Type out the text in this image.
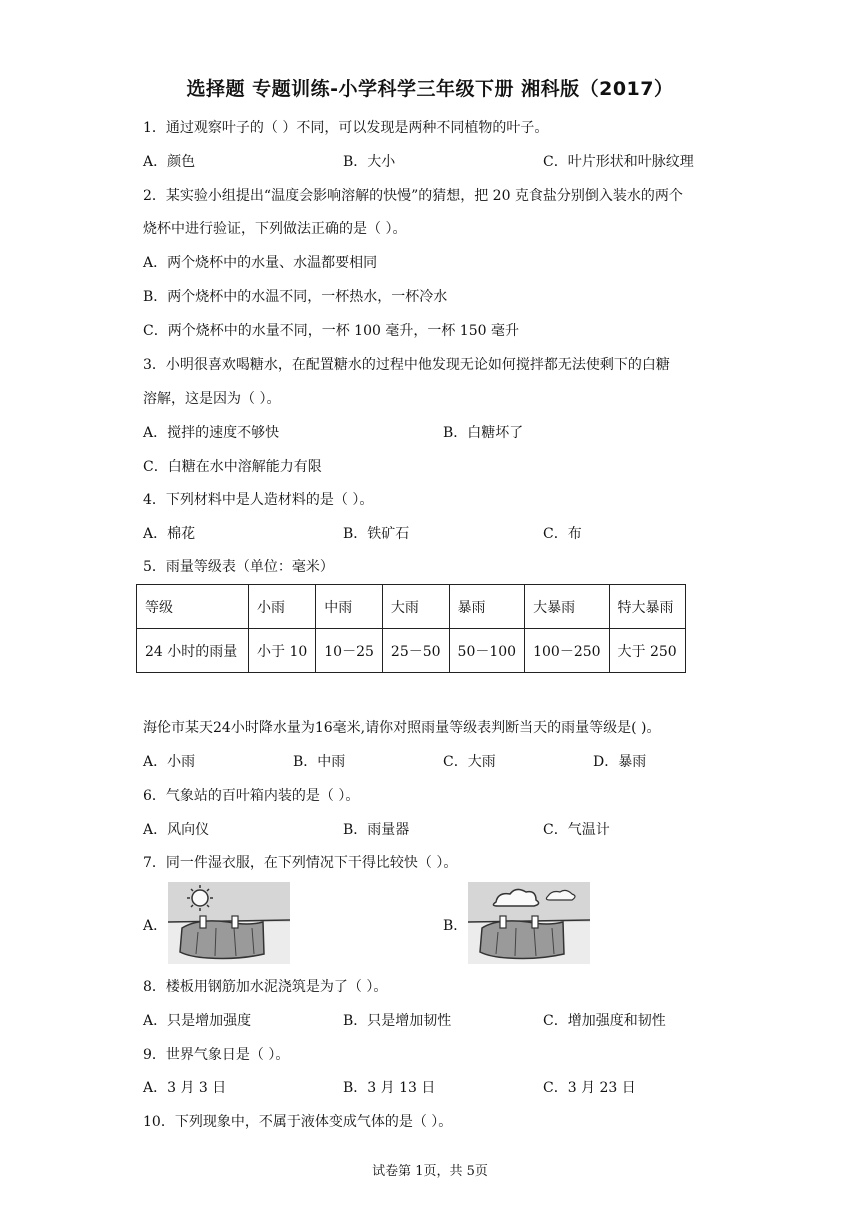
选择题 专题训练-小学科学三年级下册 湘科版（2017）
1．通过观察叶子的（ ）不同，可以发现是两种不同植物的叶子。
A．颜色	B．大小	C．叶片形状和叶脉纹理
2．某实验小组提出“温度会影响溶解的快慢”的猜想，把 20 克食盐分别倒入装水的两个
烧杯中进行验证，下列做法正确的是（ ）。
A．两个烧杯中的水量、水温都要相同
B．两个烧杯中的水温不同，一杯热水，一杯冷水
C．两个烧杯中的水量不同，一杯 100 毫升，一杯 150 毫升
3．小明很喜欢喝糖水，在配置糖水的过程中他发现无论如何搅拌都无法使剩下的白糖
溶解，这是因为（ ）。
A．搅拌的速度不够快	B．白糖坏了
C．白糖在水中溶解能力有限
4．下列材料中是人造材料的是（ ）。
A．棉花	B．铁矿石	C．布
5．雨量等级表（单位：毫米）
等级	小雨	中雨	大雨	暴雨	大暴雨	特大暴雨
24 小时的雨量	小于 10	10－25	25－50	50－100	100－250	大于 250
海伦市某天24小时降水量为16毫米,请你对照雨量等级表判断当天的雨量等级是( )。
A．小雨	B．中雨	C．大雨	D．暴雨
6．气象站的百叶箱内装的是（ ）。
A．风向仪	B．雨量器	C．气温计
7．同一件湿衣服，在下列情况下干得比较快（ ）。
A．	B．
8．楼板用钢筋加水泥浇筑是为了（ ）。
A．只是增加强度	B．只是增加韧性	C．增加强度和韧性
9．世界气象日是（ ）。
A．3 月 3 日	B．3 月 13 日	C．3 月 23 日
10．下列现象中，不属于液体变成气体的是（ ）。
试卷第 1页，共 5页
